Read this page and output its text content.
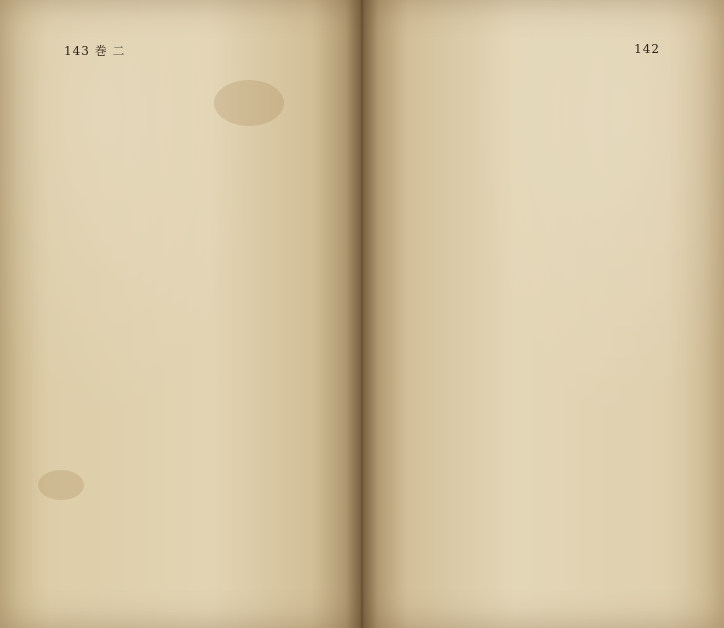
143 巻 二	142
